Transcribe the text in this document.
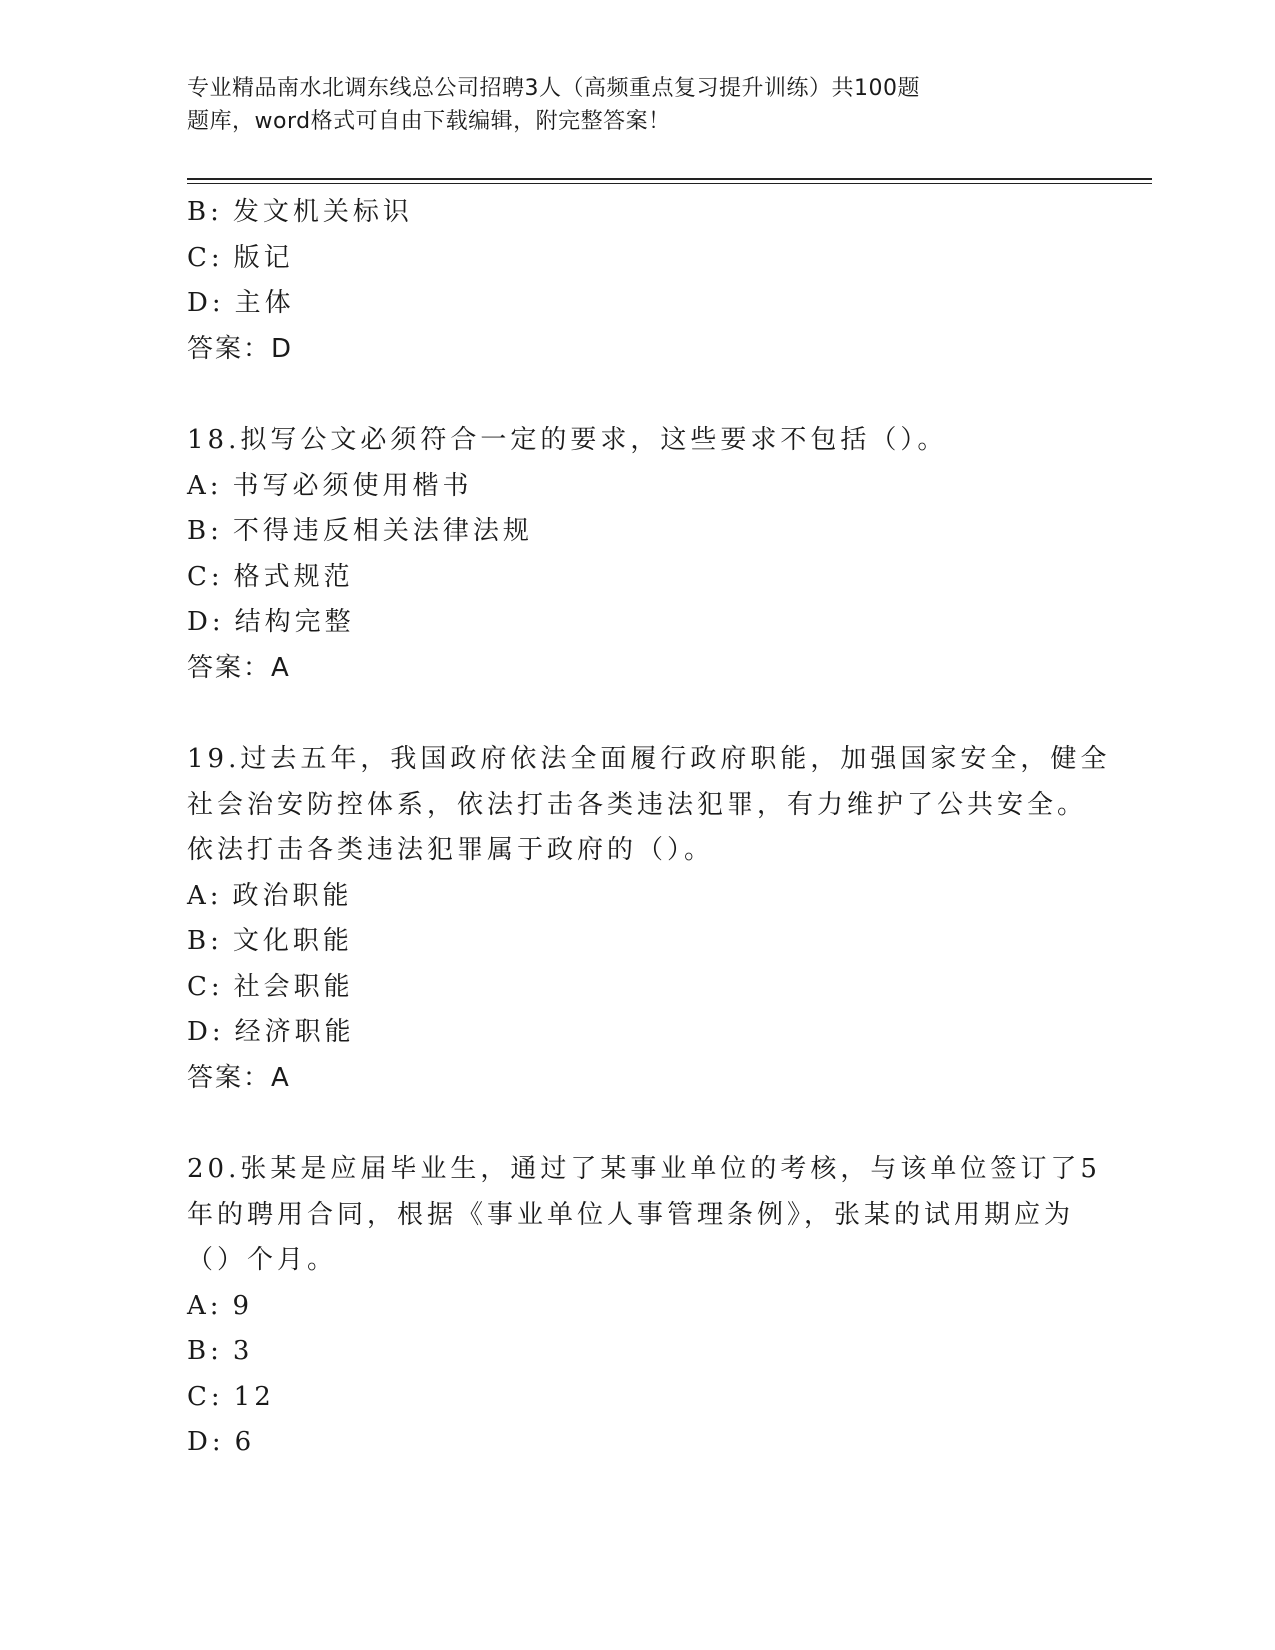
专业精品南水北调东线总公司招聘3人（高频重点复习提升训练）共100题
题库，word格式可自由下载编辑，附完整答案！
B: 发文机关标识
C: 版记
D: 主体
答案：D
18.拟写公文必须符合一定的要求，这些要求不包括（）。
A: 书写必须使用楷书
B: 不得违反相关法律法规
C: 格式规范
D: 结构完整
答案：A
19.过去五年，我国政府依法全面履行政府职能，加强国家安全，健全
社会治安防控体系，依法打击各类违法犯罪，有力维护了公共安全。
依法打击各类违法犯罪属于政府的（）。
A: 政治职能
B: 文化职能
C: 社会职能
D: 经济职能
答案：A
20.张某是应届毕业生，通过了某事业单位的考核，与该单位签订了5
年的聘用合同，根据《事业单位人事管理条例》，张某的试用期应为
（）个月。
A: 9
B: 3
C: 12
D: 6
